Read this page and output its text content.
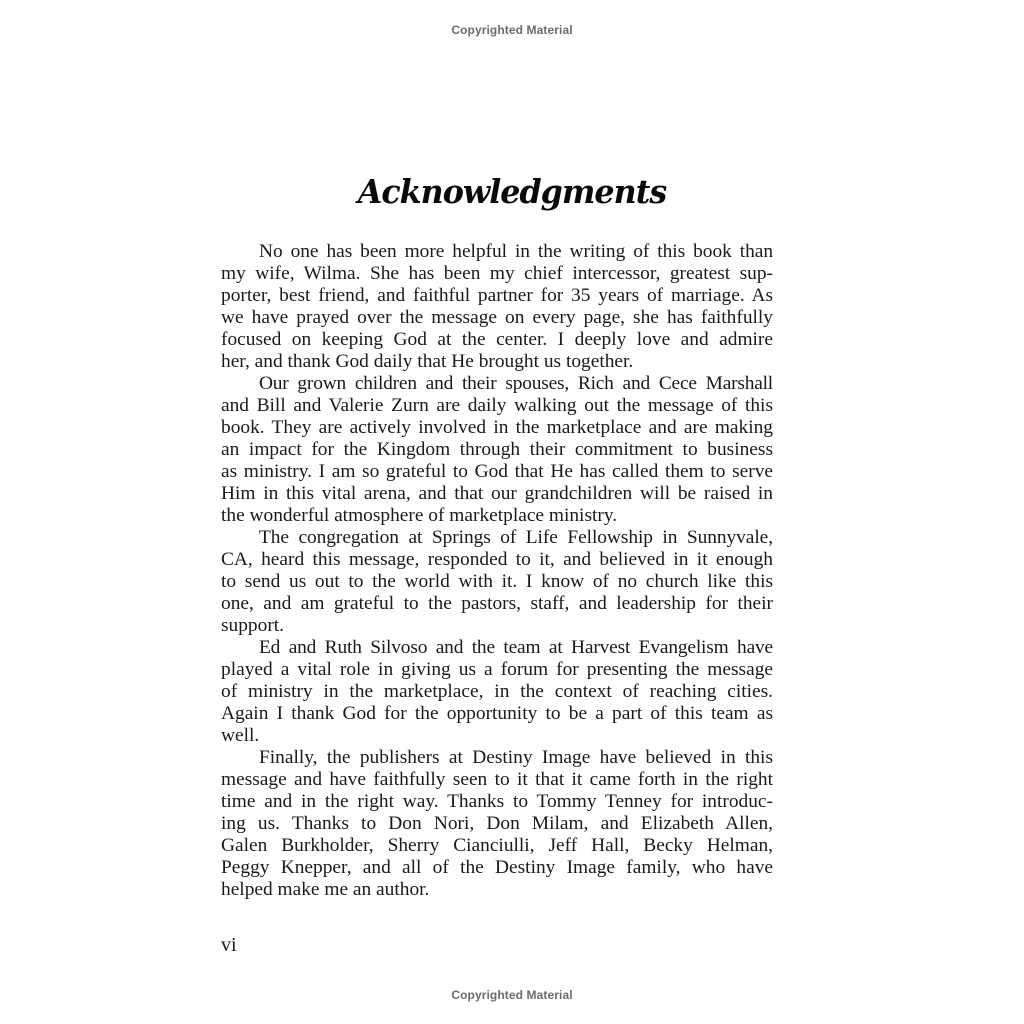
Copyrighted Material
Acknowledgments
No one has been more helpful in the writing of this book than
my wife, Wilma. She has been my chief intercessor, greatest sup-
porter, best friend, and faithful partner for 35 years of marriage. As
we have prayed over the message on every page, she has faithfully
focused on keeping God at the center. I deeply love and admire
her, and thank God daily that He brought us together.
Our grown children and their spouses, Rich and Cece Marshall
and Bill and Valerie Zurn are daily walking out the message of this
book. They are actively involved in the marketplace and are making
an impact for the Kingdom through their commitment to business
as ministry. I am so grateful to God that He has called them to serve
Him in this vital arena, and that our grandchildren will be raised in
the wonderful atmosphere of marketplace ministry.
The congregation at Springs of Life Fellowship in Sunnyvale,
CA, heard this message, responded to it, and believed in it enough
to send us out to the world with it. I know of no church like this
one, and am grateful to the pastors, staff, and leadership for their
support.
Ed and Ruth Silvoso and the team at Harvest Evangelism have
played a vital role in giving us a forum for presenting the message
of ministry in the marketplace, in the context of reaching cities.
Again I thank God for the opportunity to be a part of this team as
well.
Finally, the publishers at Destiny Image have believed in this
message and have faithfully seen to it that it came forth in the right
time and in the right way. Thanks to Tommy Tenney for introduc-
ing us. Thanks to Don Nori, Don Milam, and Elizabeth Allen,
Galen Burkholder, Sherry Cianciulli, Jeff Hall, Becky Helman,
Peggy Knepper, and all of the Destiny Image family, who have
helped make me an author.
vi
Copyrighted Material
